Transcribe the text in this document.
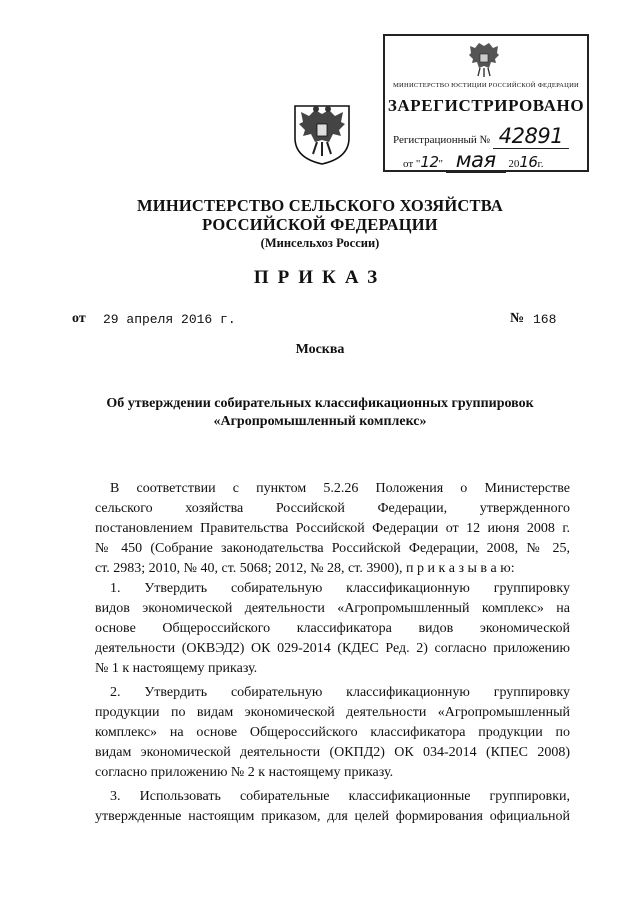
МИНИСТЕРСТВО ЮСТИЦИИ РОССИЙСКОЙ ФЕДЕРАЦИИ
ЗАРЕГИСТРИРОВАНО
Регистрационный № 42891
от "12" мая 2016г.
МИНИСТЕРСТВО СЕЛЬСКОГО ХОЗЯЙСТВА
РОССИЙСКОЙ ФЕДЕРАЦИИ
(Минсельхоз России)
ПРИКАЗ
от 29 апреля 2016 г.	№ 168
Москва
Об утверждении собирательных классификационных группировок
«Агропромышленный комплекс»
В соответствии с пунктом 5.2.26 Положения о Министерстве
сельского хозяйства Российской Федерации, утвержденного
постановлением Правительства Российской Федерации от 12 июня 2008 г.
№ 450 (Собрание законодательства Российской Федерации, 2008, № 25,
ст. 2983; 2010, № 40, ст. 5068; 2012, № 28, ст. 3900), п р и к а з ы в а ю:
1. Утвердить собирательную классификационную группировку
видов экономической деятельности «Агропромышленный комплекс» на
основе Общероссийского классификатора видов экономической
деятельности (ОКВЭД2) ОК 029-2014 (КДЕС Ред. 2) согласно приложению
№ 1 к настоящему приказу.
2. Утвердить собирательную классификационную группировку
продукции по видам экономической деятельности «Агропромышленный
комплекс» на основе Общероссийского классификатора продукции по
видам экономической деятельности (ОКПД2) ОК 034-2014 (КПЕС 2008)
согласно приложению № 2 к настоящему приказу.
3. Использовать собирательные классификационные группировки,
утвержденные настоящим приказом, для целей формирования официальной
